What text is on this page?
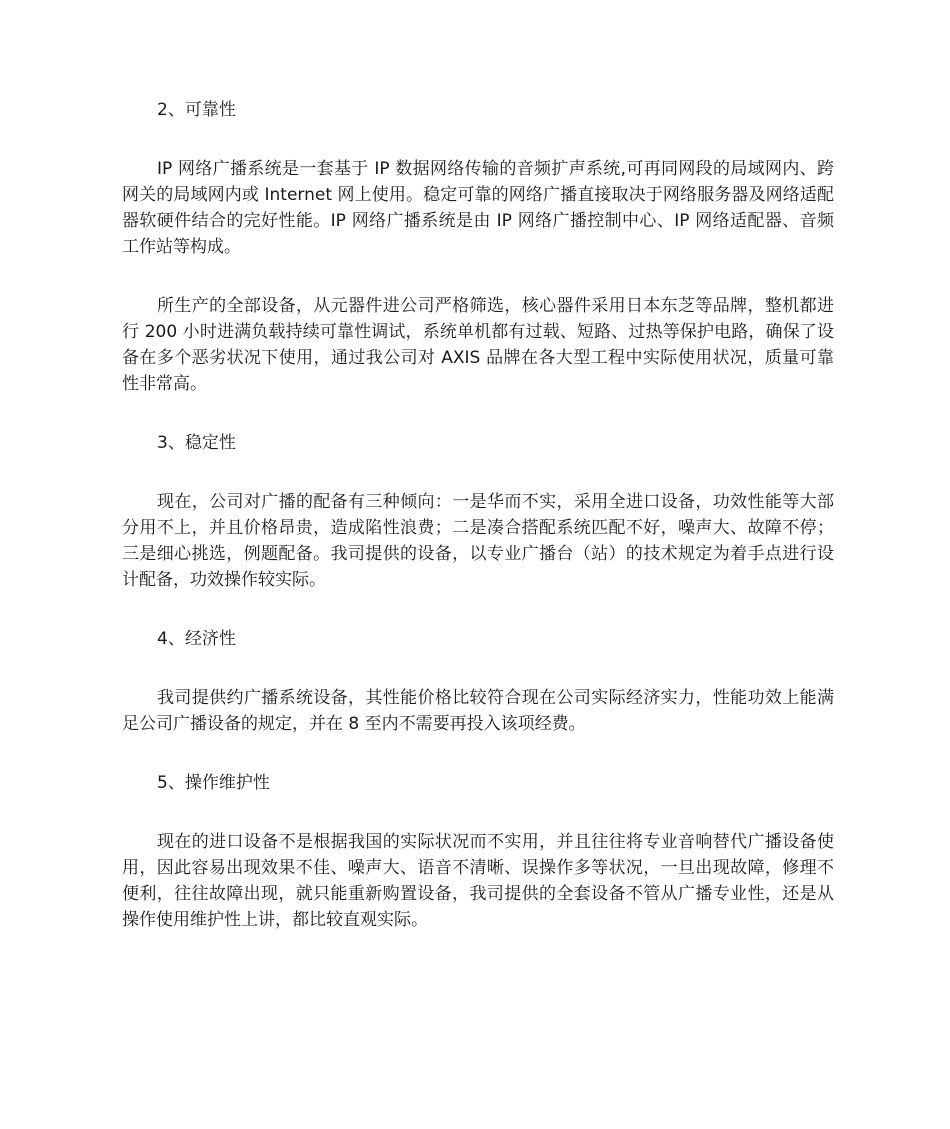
2、可靠性

IP 网络广播系统是一套基于 IP 数据网络传输的音频扩声系统,可再同网段的局域网内、跨网关的局域网内或 Internet 网上使用。稳定可靠的网络广播直接取决于网络服务器及网络适配器软硬件结合的完好性能。IP 网络广播系统是由 IP 网络广播控制中心、IP 网络适配器、音频工作站等构成。

所生产的全部设备，从元器件进公司严格筛选，核心器件采用日本东芝等品牌，整机都进行 200 小时进满负载持续可靠性调试，系统单机都有过载、短路、过热等保护电路，确保了设备在多个恶劣状况下使用，通过我公司对 AXIS 品牌在各大型工程中实际使用状况，质量可靠性非常高。

3、稳定性

现在，公司对广播的配备有三种倾向：一是华而不实，采用全进口设备，功效性能等大部分用不上，并且价格昂贵，造成陷性浪费；二是凑合搭配系统匹配不好，噪声大、故障不停；三是细心挑选，例题配备。我司提供的设备，以专业广播台（站）的技术规定为着手点进行设计配备，功效操作较实际。

4、经济性

我司提供约广播系统设备，其性能价格比较符合现在公司实际经济实力，性能功效上能满足公司广播设备的规定，并在 8 至内不需要再投入该项经费。

5、操作维护性

现在的进口设备不是根据我国的实际状况而不实用，并且往往将专业音响替代广播设备使用，因此容易出现效果不佳、噪声大、语音不清晰、误操作多等状况，一旦出现故障，修理不便利，往往故障出现，就只能重新购置设备，我司提供的全套设备不管从广播专业性，还是从操作使用维护性上讲，都比较直观实际。
